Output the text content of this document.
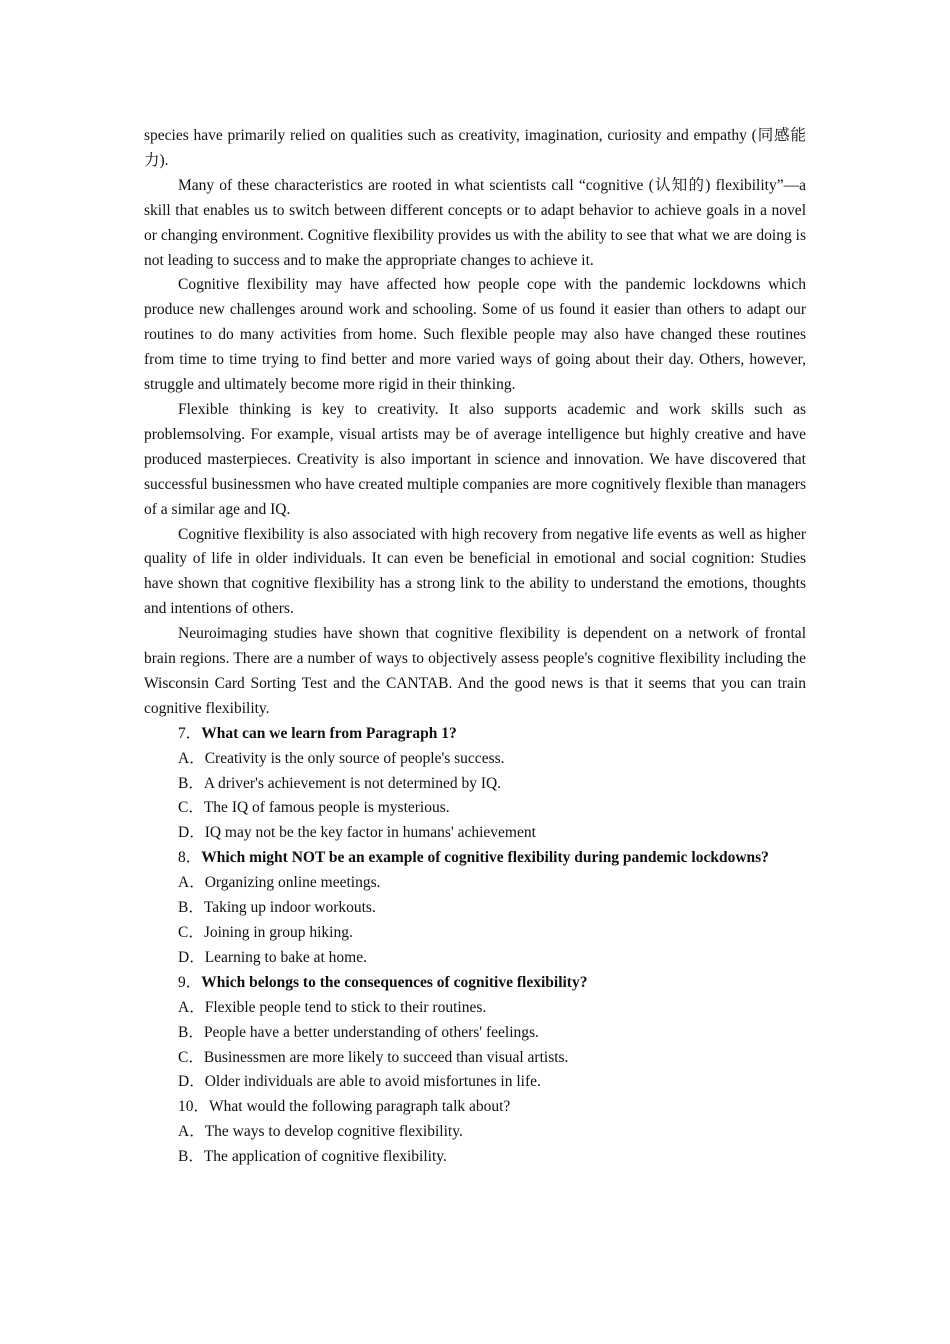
species have primarily relied on qualities such as creativity, imagination, curiosity and empathy (同感能力).

Many of these characteristics are rooted in what scientists call “cognitive (认知的) flexibility”—a skill that enables us to switch between different concepts or to adapt behavior to achieve goals in a novel or changing environment. Cognitive flexibility provides us with the ability to see that what we are doing is not leading to success and to make the appropriate changes to achieve it.

Cognitive flexibility may have affected how people cope with the pandemic lockdowns which produce new challenges around work and schooling. Some of us found it easier than others to adapt our routines to do many activities from home. Such flexible people may also have changed these routines from time to time trying to find better and more varied ways of going about their day. Others, however, struggle and ultimately become more rigid in their thinking.

Flexible thinking is key to creativity. It also supports academic and work skills such as problemsolving. For example, visual artists may be of average intelligence but highly creative and have produced masterpieces. Creativity is also important in science and innovation. We have discovered that successful businessmen who have created multiple companies are more cognitively flexible than managers of a similar age and IQ.

Cognitive flexibility is also associated with high recovery from negative life events as well as higher quality of life in older individuals. It can even be beneficial in emotional and social cognition: Studies have shown that cognitive flexibility has a strong link to the ability to understand the emotions, thoughts and intentions of others.

Neuroimaging studies have shown that cognitive flexibility is dependent on a network of frontal brain regions. There are a number of ways to objectively assess people's cognitive flexibility including the Wisconsin Card Sorting Test and the CANTAB. And the good news is that it seems that you can train cognitive flexibility.

7．What can we learn from Paragraph 1?

A．Creativity is the only source of people's success.

B．A driver's achievement is not determined by IQ.

C．The IQ of famous people is mysterious.

D．IQ may not be the key factor in humans' achievement

8．Which might NOT be an example of cognitive flexibility during pandemic lockdowns?

A．Organizing online meetings.

B．Taking up indoor workouts.

C．Joining in group hiking.

D．Learning to bake at home.

9．Which belongs to the consequences of cognitive flexibility?

A．Flexible people tend to stick to their routines.

B．People have a better understanding of others' feelings.

C．Businessmen are more likely to succeed than visual artists.

D．Older individuals are able to avoid misfortunes in life.

10．What would the following paragraph talk about?

A．The ways to develop cognitive flexibility.

B．The application of cognitive flexibility.
